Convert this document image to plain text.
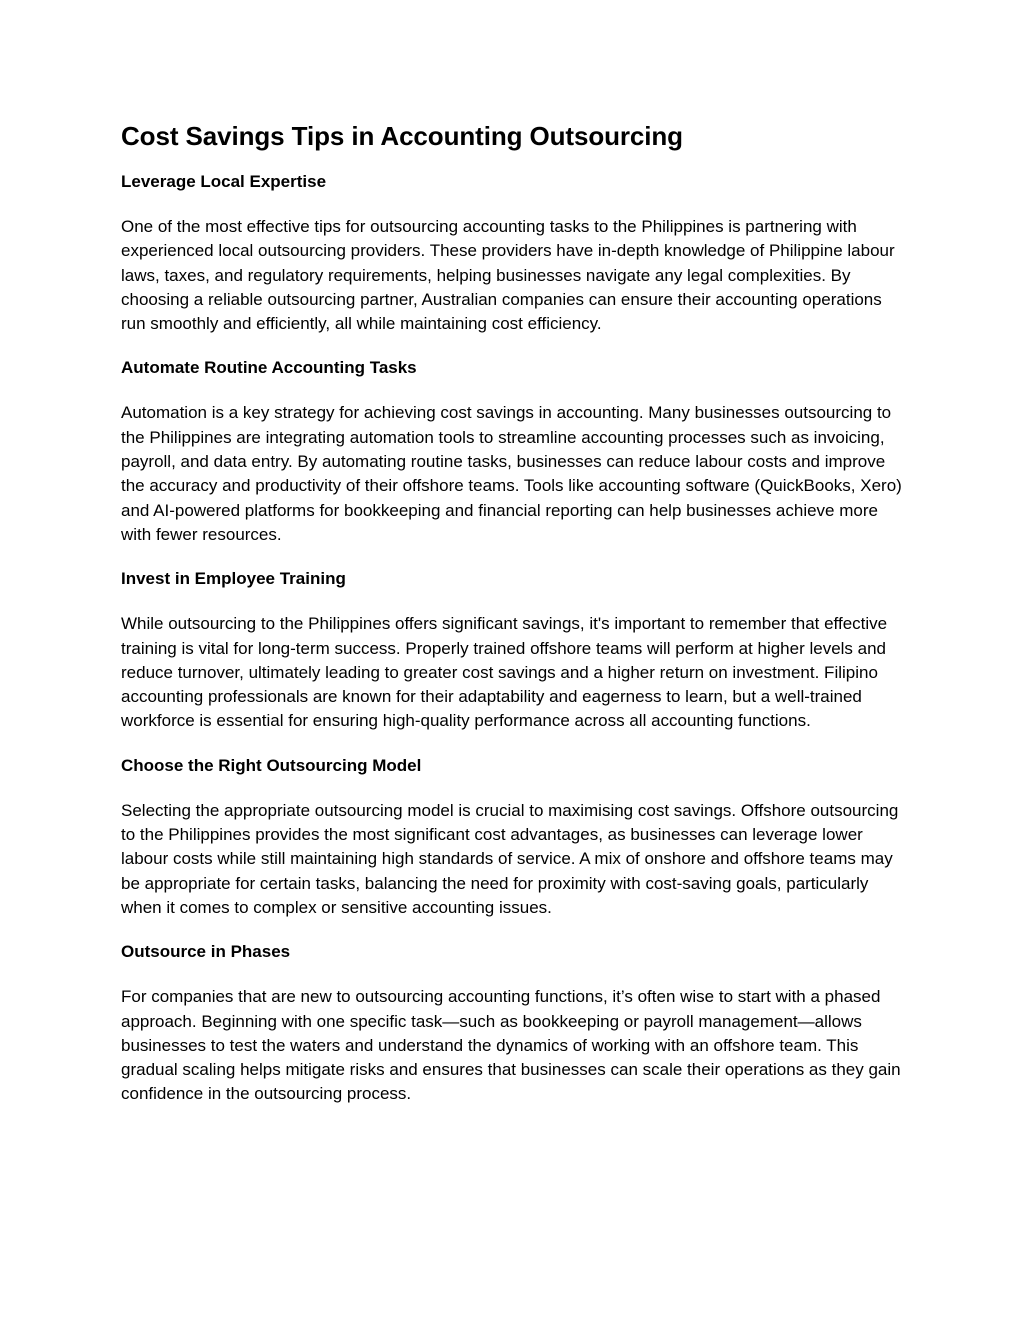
Cost Savings Tips in Accounting Outsourcing
Leverage Local Expertise

One of the most effective tips for outsourcing accounting tasks to the Philippines is partnering with experienced local outsourcing providers. These providers have in-depth knowledge of Philippine labour laws, taxes, and regulatory requirements, helping businesses navigate any legal complexities. By choosing a reliable outsourcing partner, Australian companies can ensure their accounting operations run smoothly and efficiently, all while maintaining cost efficiency.

Automate Routine Accounting Tasks

Automation is a key strategy for achieving cost savings in accounting. Many businesses outsourcing to the Philippines are integrating automation tools to streamline accounting processes such as invoicing, payroll, and data entry. By automating routine tasks, businesses can reduce labour costs and improve the accuracy and productivity of their offshore teams. Tools like accounting software (QuickBooks, Xero) and AI-powered platforms for bookkeeping and financial reporting can help businesses achieve more with fewer resources.

Invest in Employee Training

While outsourcing to the Philippines offers significant savings, it's important to remember that effective training is vital for long-term success. Properly trained offshore teams will perform at higher levels and reduce turnover, ultimately leading to greater cost savings and a higher return on investment. Filipino accounting professionals are known for their adaptability and eagerness to learn, but a well-trained workforce is essential for ensuring high-quality performance across all accounting functions.

Choose the Right Outsourcing Model

Selecting the appropriate outsourcing model is crucial to maximising cost savings. Offshore outsourcing to the Philippines provides the most significant cost advantages, as businesses can leverage lower labour costs while still maintaining high standards of service. A mix of onshore and offshore teams may be appropriate for certain tasks, balancing the need for proximity with cost-saving goals, particularly when it comes to complex or sensitive accounting issues.

Outsource in Phases

For companies that are new to outsourcing accounting functions, it’s often wise to start with a phased approach. Beginning with one specific task—such as bookkeeping or payroll management—allows businesses to test the waters and understand the dynamics of working with an offshore team. This gradual scaling helps mitigate risks and ensures that businesses can scale their operations as they gain confidence in the outsourcing process.
